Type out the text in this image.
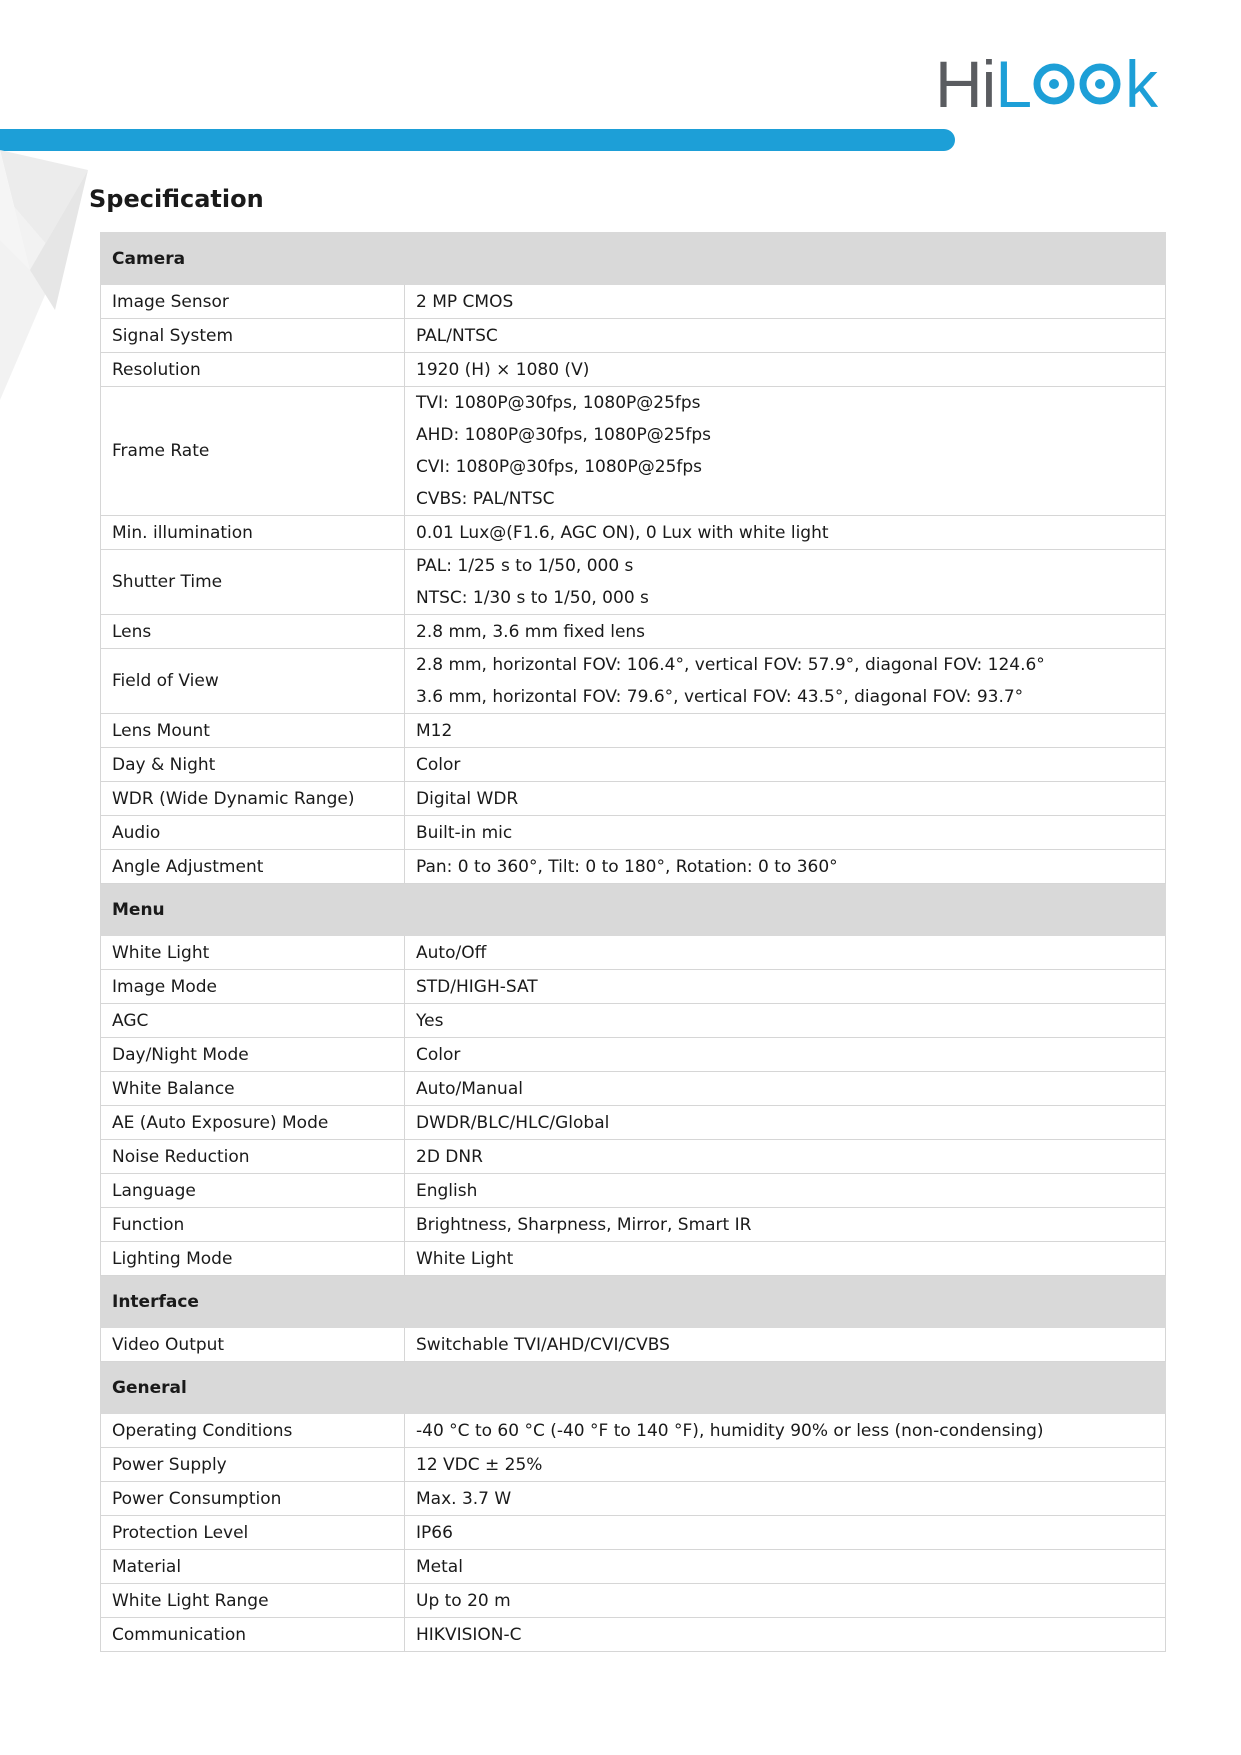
Hi L k
Specification
Camera	
Image Sensor	2 MP CMOS

Signal System	PAL/NTSC

Resolution	1920 (H) × 1080 (V)

Frame Rate	TVI: 1080P@30fps, 1080P@25fps
AHD: 1080P@30fps, 1080P@25fps
CVI: 1080P@30fps, 1080P@25fps
CVBS: PAL/NTSC

Min. illumination	0.01 Lux@(F1.6, AGC ON), 0 Lux with white light

Shutter Time	PAL: 1/25 s to 1/50, 000 s
NTSC: 1/30 s to 1/50, 000 s

Lens	2.8 mm, 3.6 mm fixed lens

Field of View	2.8 mm, horizontal FOV: 106.4°, vertical FOV: 57.9°, diagonal FOV: 124.6°
3.6 mm, horizontal FOV: 79.6°, vertical FOV: 43.5°, diagonal FOV: 93.7°

Lens Mount	M12

Day & Night	Color

WDR (Wide Dynamic Range)	Digital WDR

Audio	Built-in mic

Angle Adjustment	Pan: 0 to 360°, Tilt: 0 to 180°, Rotation: 0 to 360°

Menu	
White Light	Auto/Off

Image Mode	STD/HIGH-SAT

AGC	Yes

Day/Night Mode	Color

White Balance	Auto/Manual

AE (Auto Exposure) Mode	DWDR/BLC/HLC/Global

Noise Reduction	2D DNR

Language	English

Function	Brightness, Sharpness, Mirror, Smart IR

Lighting Mode	White Light

Interface	
Video Output	Switchable TVI/AHD/CVI/CVBS

General	
Operating Conditions	-40 °C to 60 °C (-40 °F to 140 °F), humidity 90% or less (non-condensing)

Power Supply	12 VDC ± 25%

Power Consumption	Max. 3.7 W

Protection Level	IP66

Material	Metal

White Light Range	Up to 20 m

Communication	HIKVISION-C
